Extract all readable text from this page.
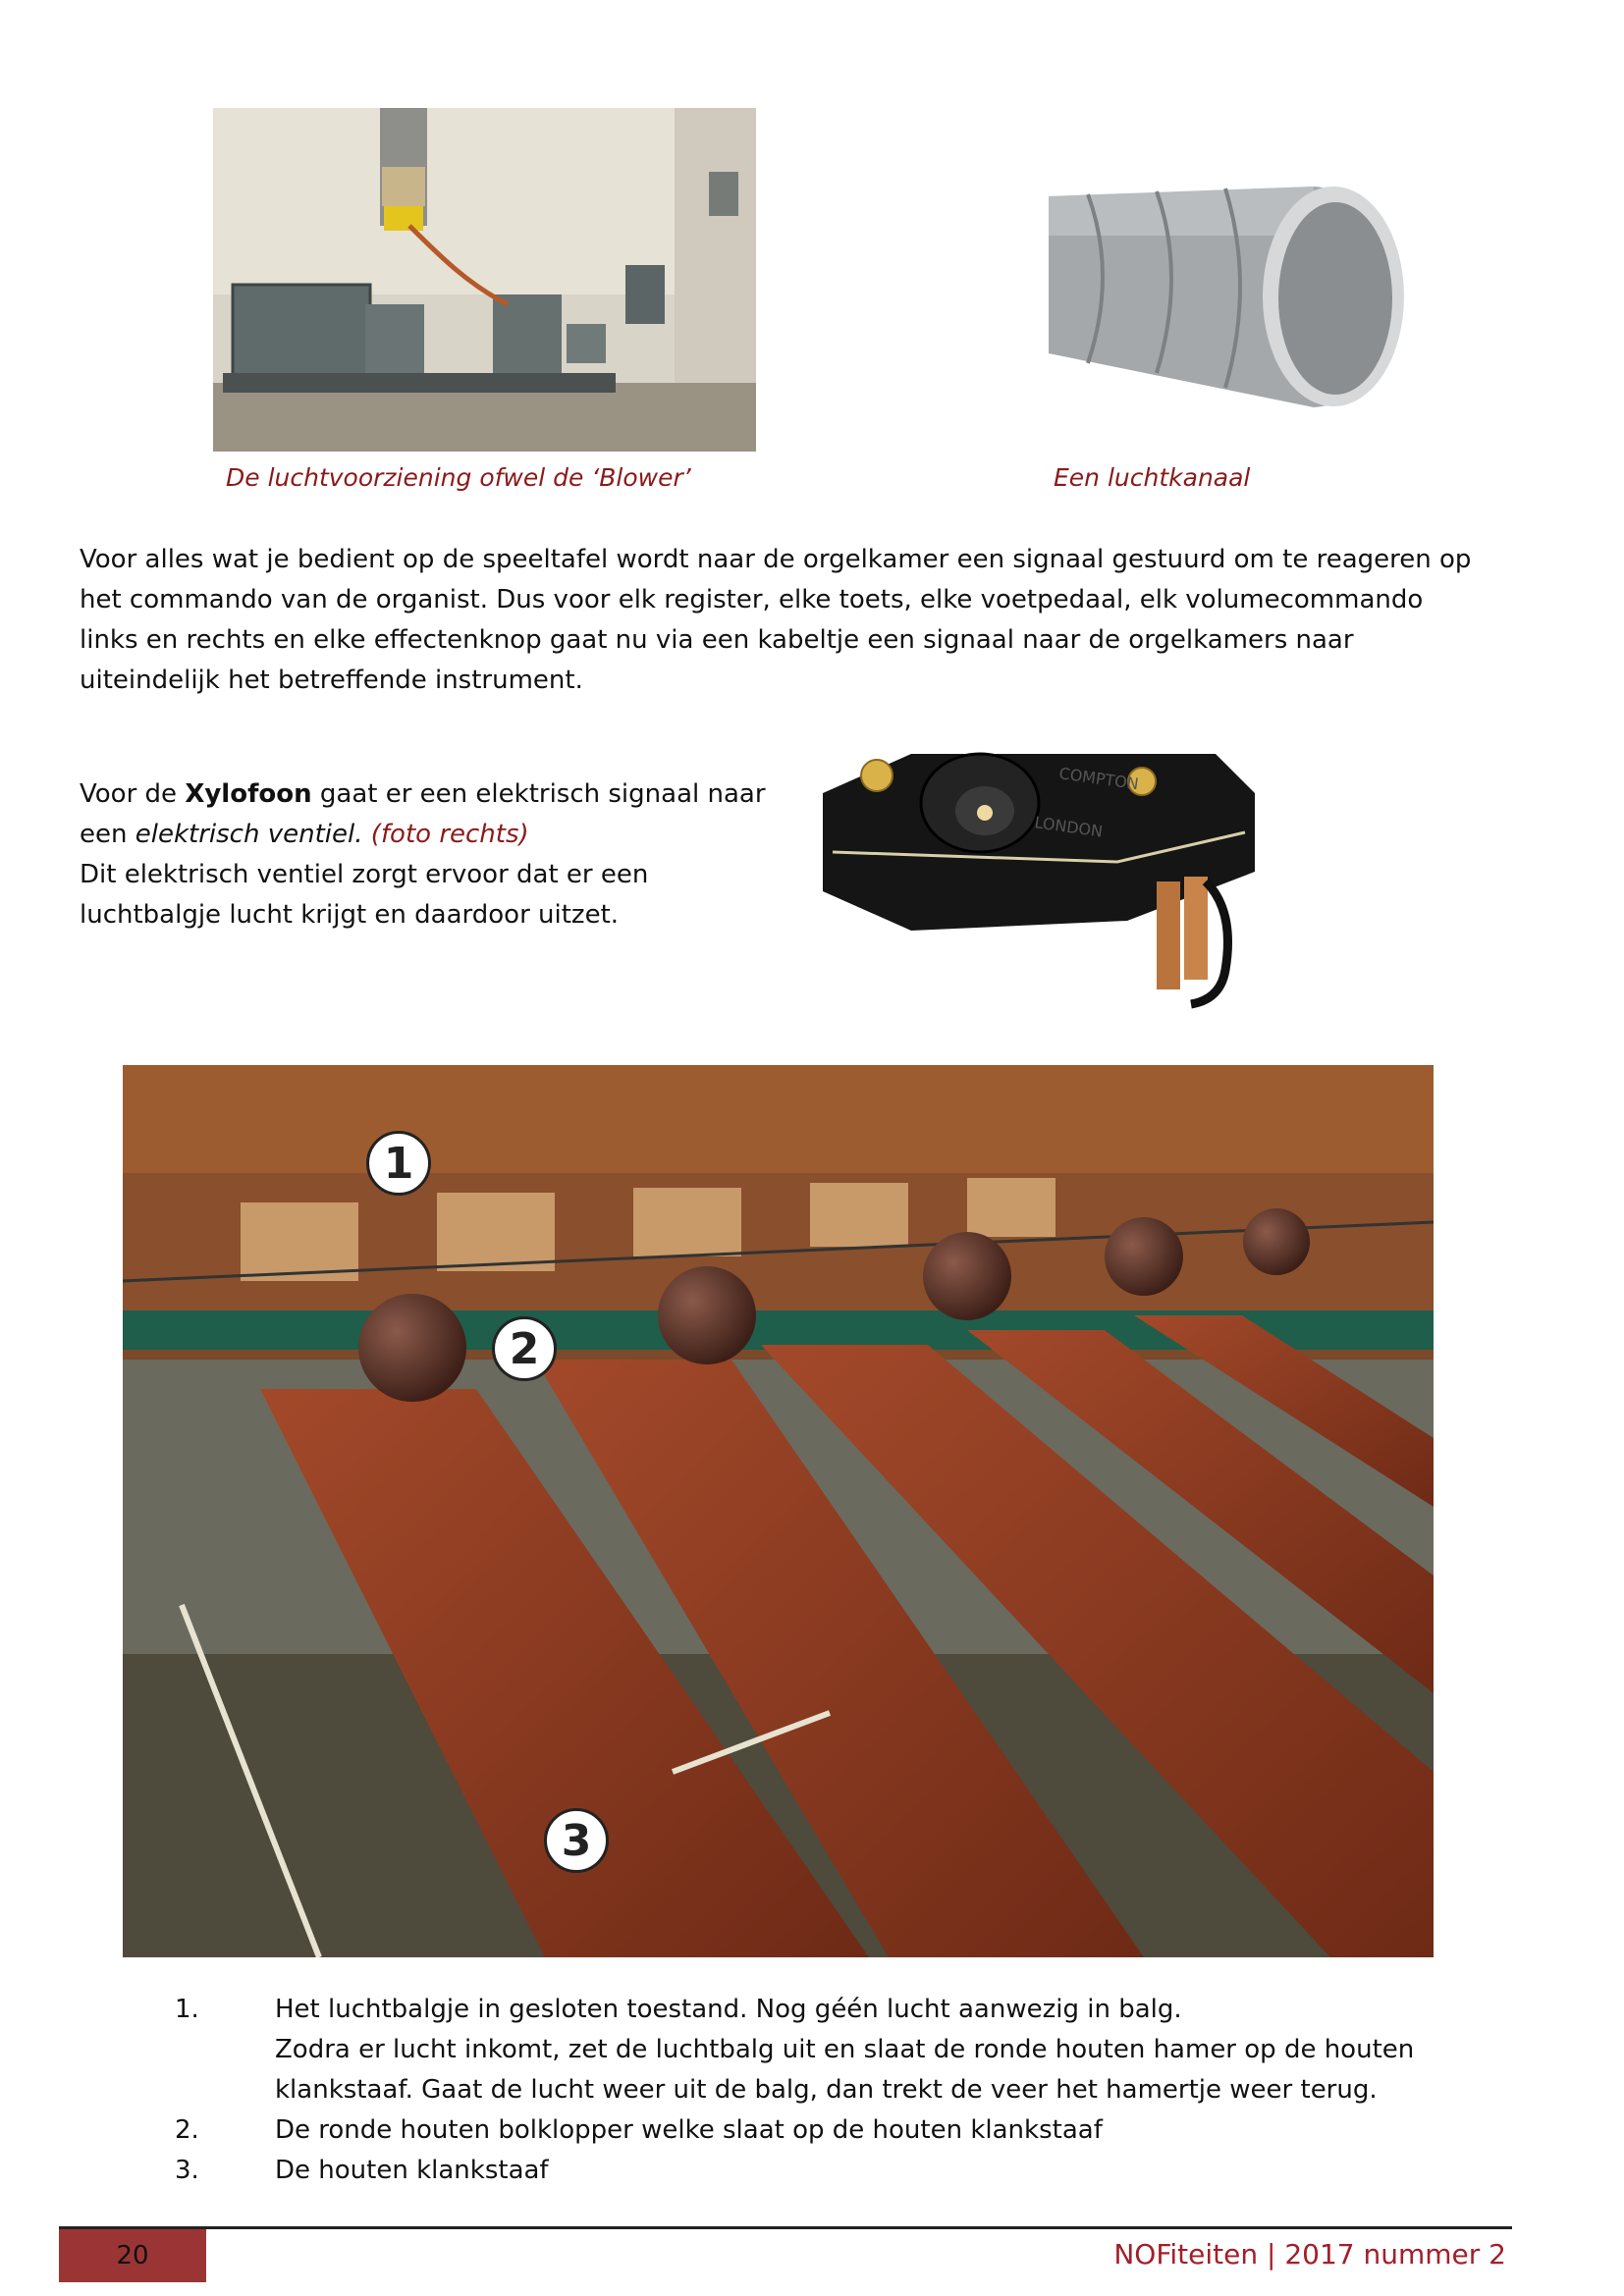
De luchtvoorziening ofwel de ‘Blower’	Een luchtkanaal

Voor alles wat je bedient op de speeltafel wordt naar de orgelkamer een signaal gestuurd om te reageren op het commando van de organist. Dus voor elk register, elke toets, elke voetpedaal, elk volumecommando links en rechts en elke effectenknop gaat nu via een kabeltje een signaal naar de orgelkamers naar uiteindelijk het betreffende instrument.

Voor de Xylofoon gaat er een elektrisch signaal naar
een elektrisch ventiel. (foto rechts)
Dit elektrisch ventiel zorgt ervoor dat er een
luchtbalgje lucht krijgt en daardoor uitzet.
COMPTON
LONDON
1
2
3
1.	Het luchtbalgje in gesloten toestand. Nog géén lucht aanwezig in balg.
Zodra er lucht inkomt, zet de luchtbalg uit en slaat de ronde houten hamer op de houten
klankstaaf. Gaat de lucht weer uit de balg, dan trekt de veer het hamertje weer terug.
2.	De ronde houten bolklopper welke slaat op de houten klankstaaf
3.	De houten klankstaaf
20	NOFiteiten | 2017 nummer 2
